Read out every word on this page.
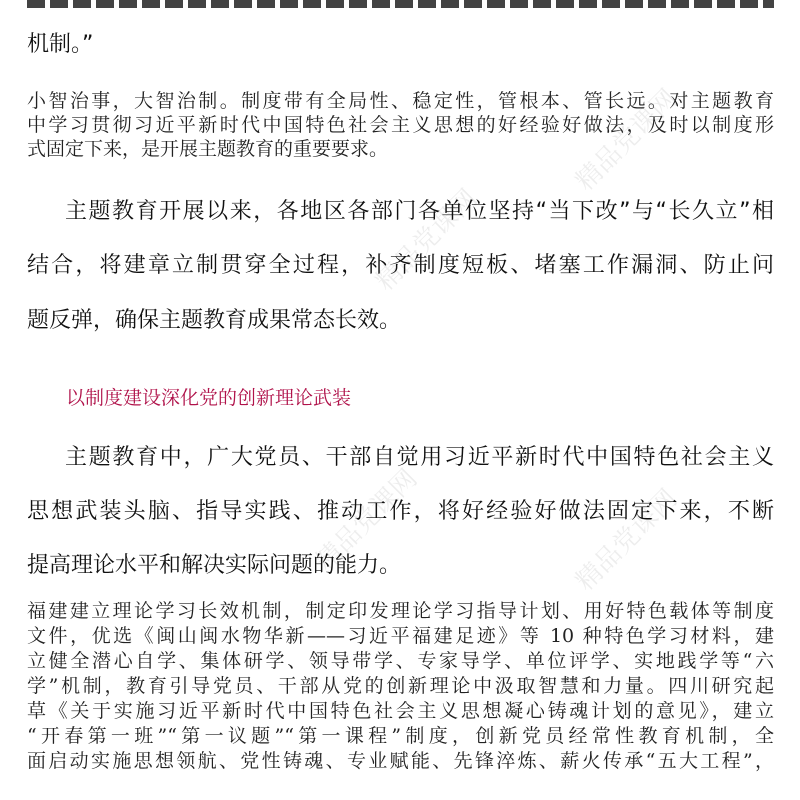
机制。”
小智治事，大智治制。制度带有全局性、稳定性，管根本、管长远。对主题教育
中学习贯彻习近平新时代中国特色社会主义思想的好经验好做法，及时以制度形
式固定下来，是开展主题教育的重要要求。
主题教育开展以来，各地区各部门各单位坚持“当下改”与“长久立”相
结合，将建章立制贯穿全过程，补齐制度短板、堵塞工作漏洞、防止问
题反弹，确保主题教育成果常态长效。
以制度建设深化党的创新理论武装
主题教育中，广大党员、干部自觉用习近平新时代中国特色社会主义
思想武装头脑、指导实践、推动工作，将好经验好做法固定下来，不断
提高理论水平和解决实际问题的能力。
福建建立理论学习长效机制，制定印发理论学习指导计划、用好特色载体等制度
文件，优选《闽山闽水物华新——习近平福建足迹》等 10 种特色学习材料，建
立健全潜心自学、集体研学、领导带学、专家导学、单位评学、实地践学等“六
学”机制，教育引导党员、干部从党的创新理论中汲取智慧和力量。四川研究起
草《关于实施习近平新时代中国特色社会主义思想凝心铸魂计划的意见》，建立
“开春第一班”“第一议题”“第一课程”制度，创新党员经常性教育机制，全
面启动实施思想领航、党性铸魂、专业赋能、先锋淬炼、薪火传承“五大工程”，
精品党课网
精品党课网
精品党课网	精品党课网
